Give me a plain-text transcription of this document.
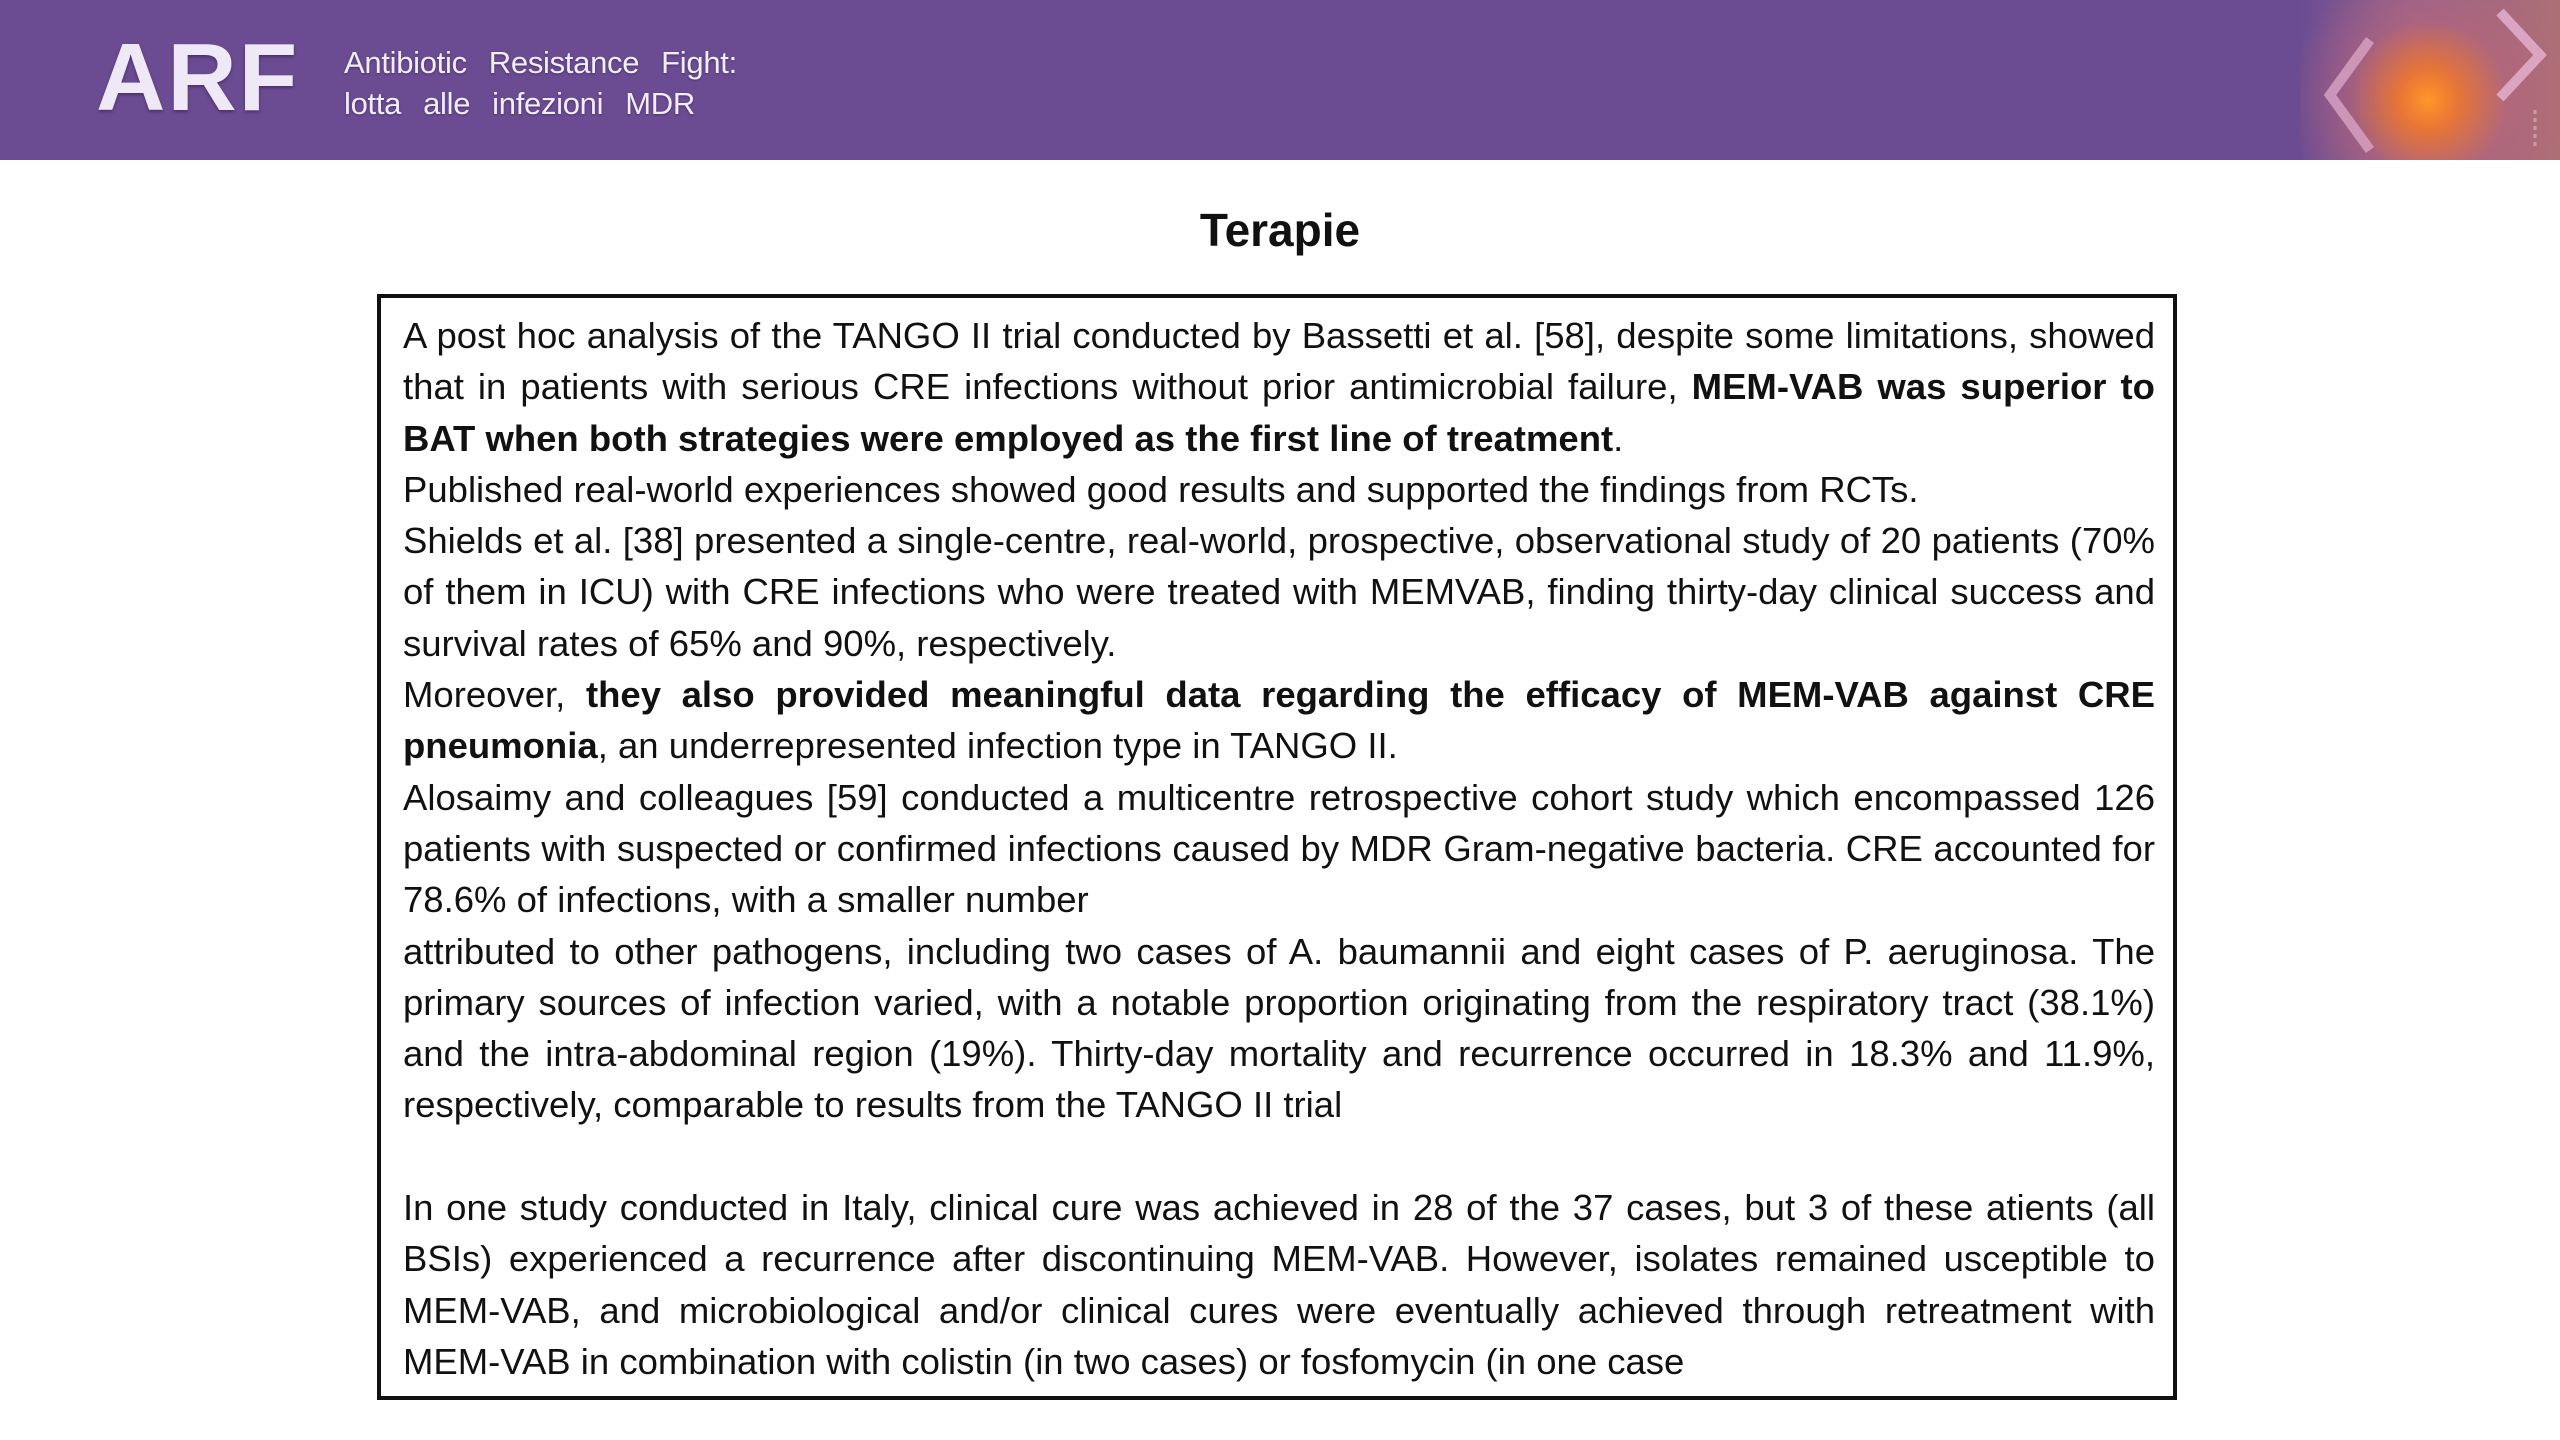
ARF Antibiotic Resistance Fight:
lotta alle infezioni MDR
Terapie

A post hoc analysis of the TANGO II trial conducted by Bassetti et al. [58], despite some limitations, showed that in patients with serious CRE infections without prior antimicrobial failure, MEM-VAB was superior to BAT when both strategies were employed as the first line of treatment.

Published real-world experiences showed good results and supported the findings from RCTs.

Shields et al. [38] presented a single-centre, real-world, prospective, observational study of 20 patients (70% of them in ICU) with CRE infections who were treated with MEMVAB, finding thirty-day clinical success and survival rates of 65% and 90%, respectively.

Moreover, they also provided meaningful data regarding the efficacy of MEM-VAB against CRE pneumonia, an underrepresented infection type in TANGO II.

Alosaimy and colleagues [59] conducted a multicentre retrospective cohort study which encompassed 126 patients with suspected or confirmed infections caused by MDR Gram-negative bacteria. CRE accounted for 78.6% of infections, with a smaller number

attributed to other pathogens, including two cases of A. baumannii and eight cases of P. aeruginosa. The primary sources of infection varied, with a notable proportion originating from the respiratory tract (38.1%) and the intra-abdominal region (19%). Thirty-day mortality and recurrence occurred in 18.3% and 11.9%, respectively, comparable to results from the TANGO II trial

In one study conducted in Italy, clinical cure was achieved in 28 of the 37 cases, but 3 of these atients (all BSIs) experienced a recurrence after discontinuing MEM-VAB. However, isolates remained usceptible to MEM-VAB, and microbiological and/or clinical cures were eventually achieved through retreatment with MEM-VAB in combination with colistin (in two cases) or fosfomycin (in one case
